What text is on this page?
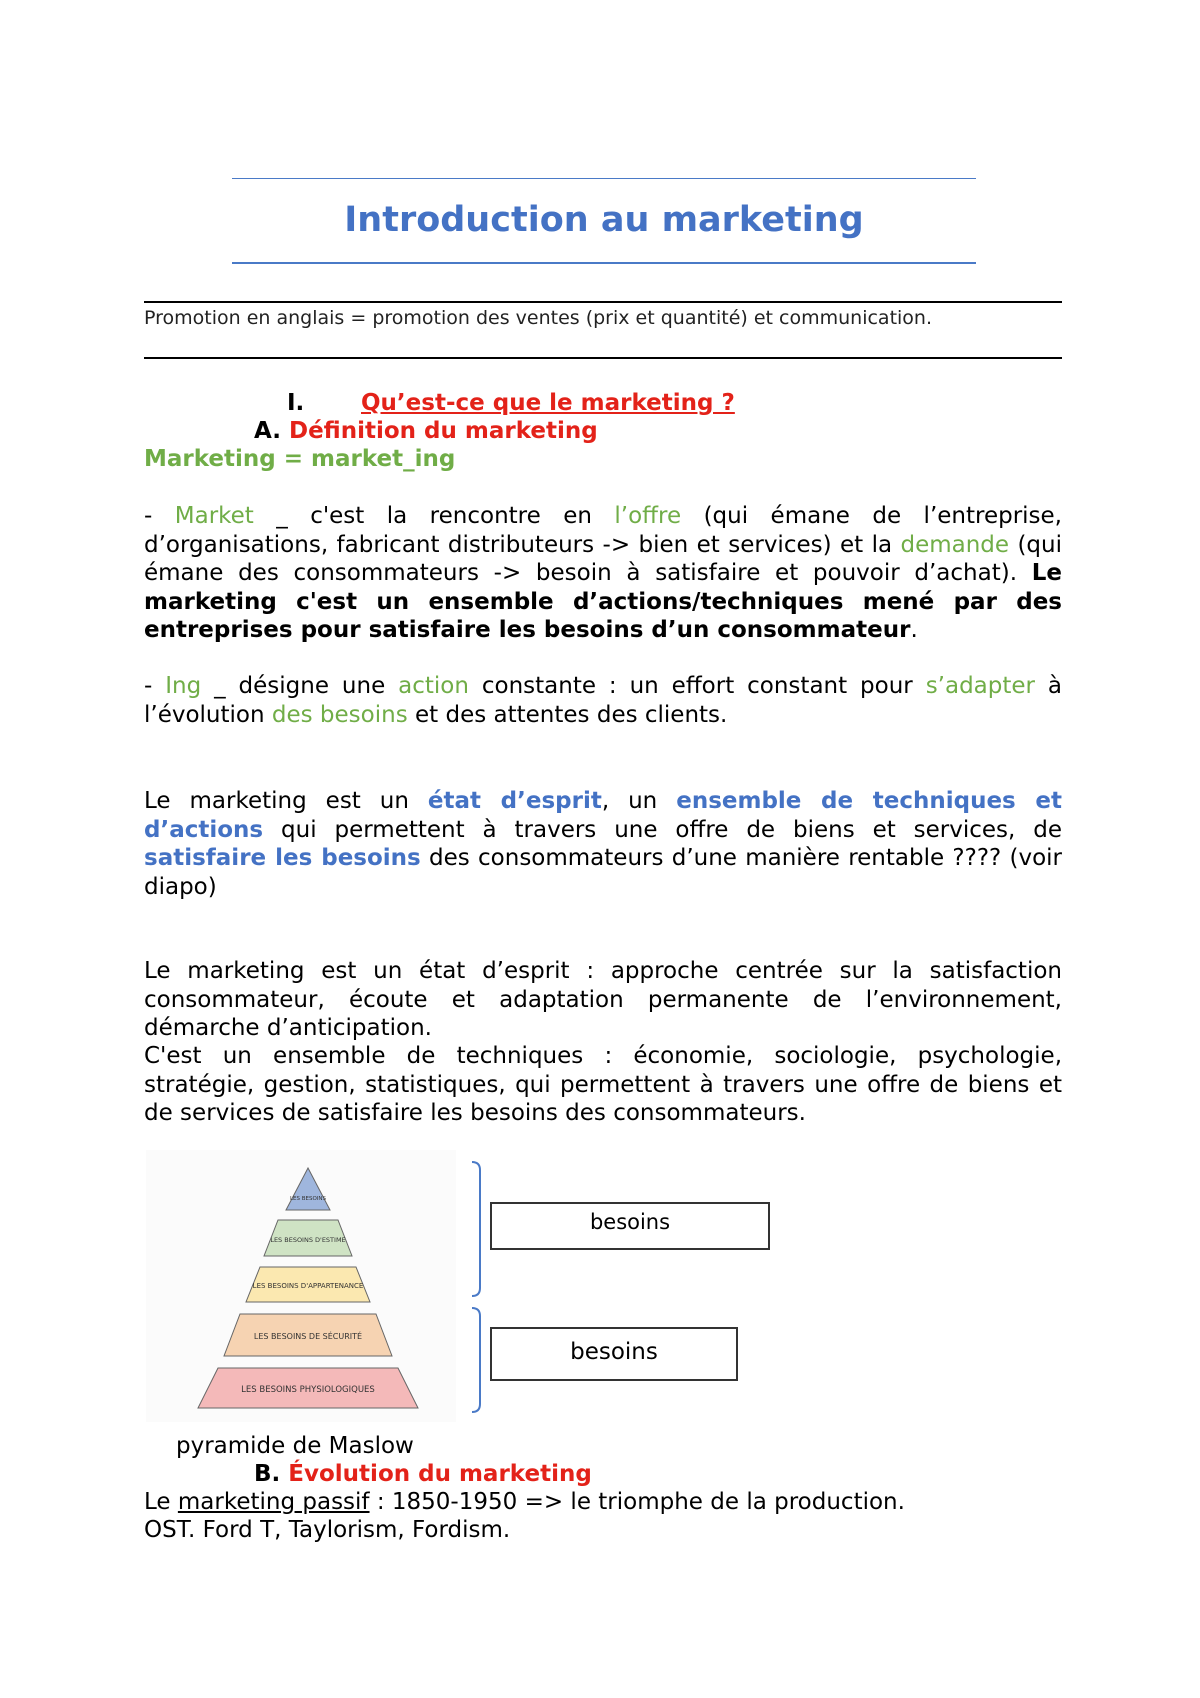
Introduction au marketing
Promotion en anglais = promotion des ventes (prix et quantité) et communication.
I. Qu’est-ce que le marketing ?
A. Définition du marketing
Marketing = market_ing
- Market _ c'est la rencontre en l’offre (qui émane de l’entreprise, d’organisations, fabricant distributeurs -> bien et services) et la demande (qui émane des consommateurs -> besoin à satisfaire et pouvoir d’achat). Le marketing c'est un ensemble d’actions/techniques mené par des entreprises pour satisfaire les besoins d’un consommateur.
- Ing _ désigne une action constante : un effort constant pour s’adapter à l’évolution des besoins et des attentes des clients.
Le marketing est un état d’esprit, un ensemble de techniques et d’actions qui permettent à travers une offre de biens et services, de satisfaire les besoins des consommateurs d’une manière rentable ???? (voir diapo)
Le marketing est un état d’esprit : approche centrée sur la satisfaction consommateur, écoute et adaptation permanente de l’environnement, démarche d’anticipation.
C'est un ensemble de techniques : économie, sociologie, psychologie, stratégie, gestion, statistiques, qui permettent à travers une offre de biens et de services de satisfaire les besoins des consommateurs.
LES BESOINS
LES BESOINS D'ESTIME
LES BESOINS D'APPARTENANCE
LES BESOINS DE SÉCURITÉ
LES BESOINS PHYSIOLOGIQUES
besoins
besoins
pyramide de Maslow
B. Évolution du marketing
Le marketing passif : 1850-1950 => le triomphe de la production.
OST. Ford T, Taylorism, Fordism.
